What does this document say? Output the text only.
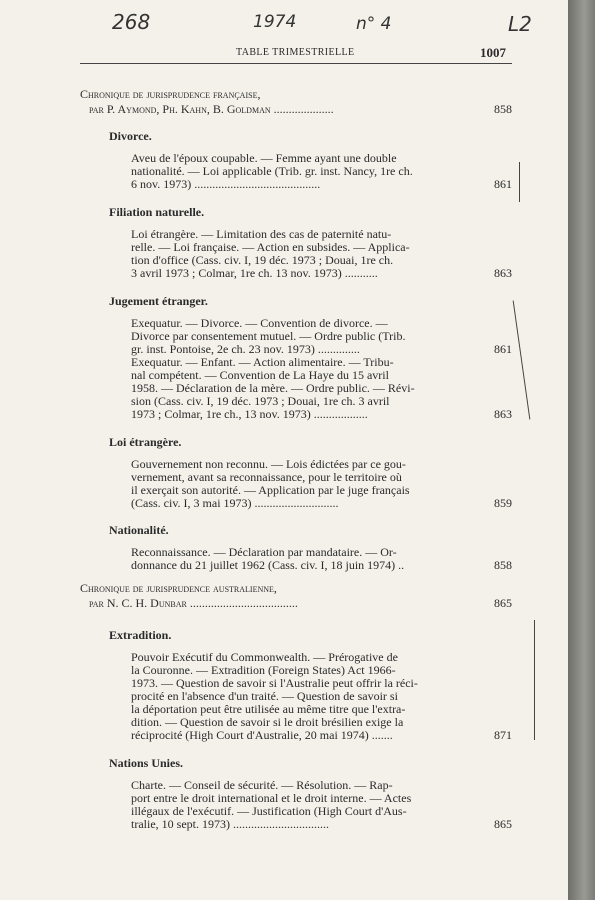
268	1974	n° 4	L2
TABLE TRIMESTRIELLE	1007
Chronique de jurisprudence française,
par P. Aymond, Ph. Kahn, B. Goldman ....................	858
Divorce.
Aveu de l'époux coupable. — Femme ayant une double
nationalité. — Loi applicable (Trib. gr. inst. Nancy, 1re ch.
6 nov. 1973) ..........................................	861
Filiation naturelle.
Loi étrangère. — Limitation des cas de paternité natu-
relle. — Loi française. — Action en subsides. — Applica-
tion d'office (Cass. civ. I, 19 déc. 1973 ; Douai, 1re ch.
3 avril 1973 ; Colmar, 1re ch. 13 nov. 1973) ...........	863
Jugement étranger.
Exequatur. — Divorce. — Convention de divorce. —
Divorce par consentement mutuel. — Ordre public (Trib.
gr. inst. Pontoise, 2e ch. 23 nov. 1973) ..............	861
Exequatur. — Enfant. — Action alimentaire. — Tribu-
nal compétent. — Convention de La Haye du 15 avril
1958. — Déclaration de la mère. — Ordre public. — Révi-
sion (Cass. civ. I, 19 déc. 1973 ; Douai, 1re ch. 3 avril
1973 ; Colmar, 1re ch., 13 nov. 1973) ..................	863
Loi étrangère.
Gouvernement non reconnu. — Lois édictées par ce gou-
vernement, avant sa reconnaissance, pour le territoire où
il exerçait son autorité. — Application par le juge français
(Cass. civ. I, 3 mai 1973) ............................	859
Nationalité.
Reconnaissance. — Déclaration par mandataire. — Or-
donnance du 21 juillet 1962 (Cass. civ. I, 18 juin 1974) ..	858
Chronique de jurisprudence australienne,
par N. C. H. Dunbar ....................................	865
Extradition.
Pouvoir Exécutif du Commonwealth. — Prérogative de
la Couronne. — Extradition (Foreign States) Act 1966-
1973. — Question de savoir si l'Australie peut offrir la réci-
procité en l'absence d'un traité. — Question de savoir si
la déportation peut être utilisée au même titre que l'extra-
dition. — Question de savoir si le droit brésilien exige la
réciprocité (High Court d'Australie, 20 mai 1974) .......	871
Nations Unies.
Charte. — Conseil de sécurité. — Résolution. — Rap-
port entre le droit international et le droit interne. — Actes
illégaux de l'exécutif. — Justification (High Court d'Aus-
tralie, 10 sept. 1973) ................................	865
